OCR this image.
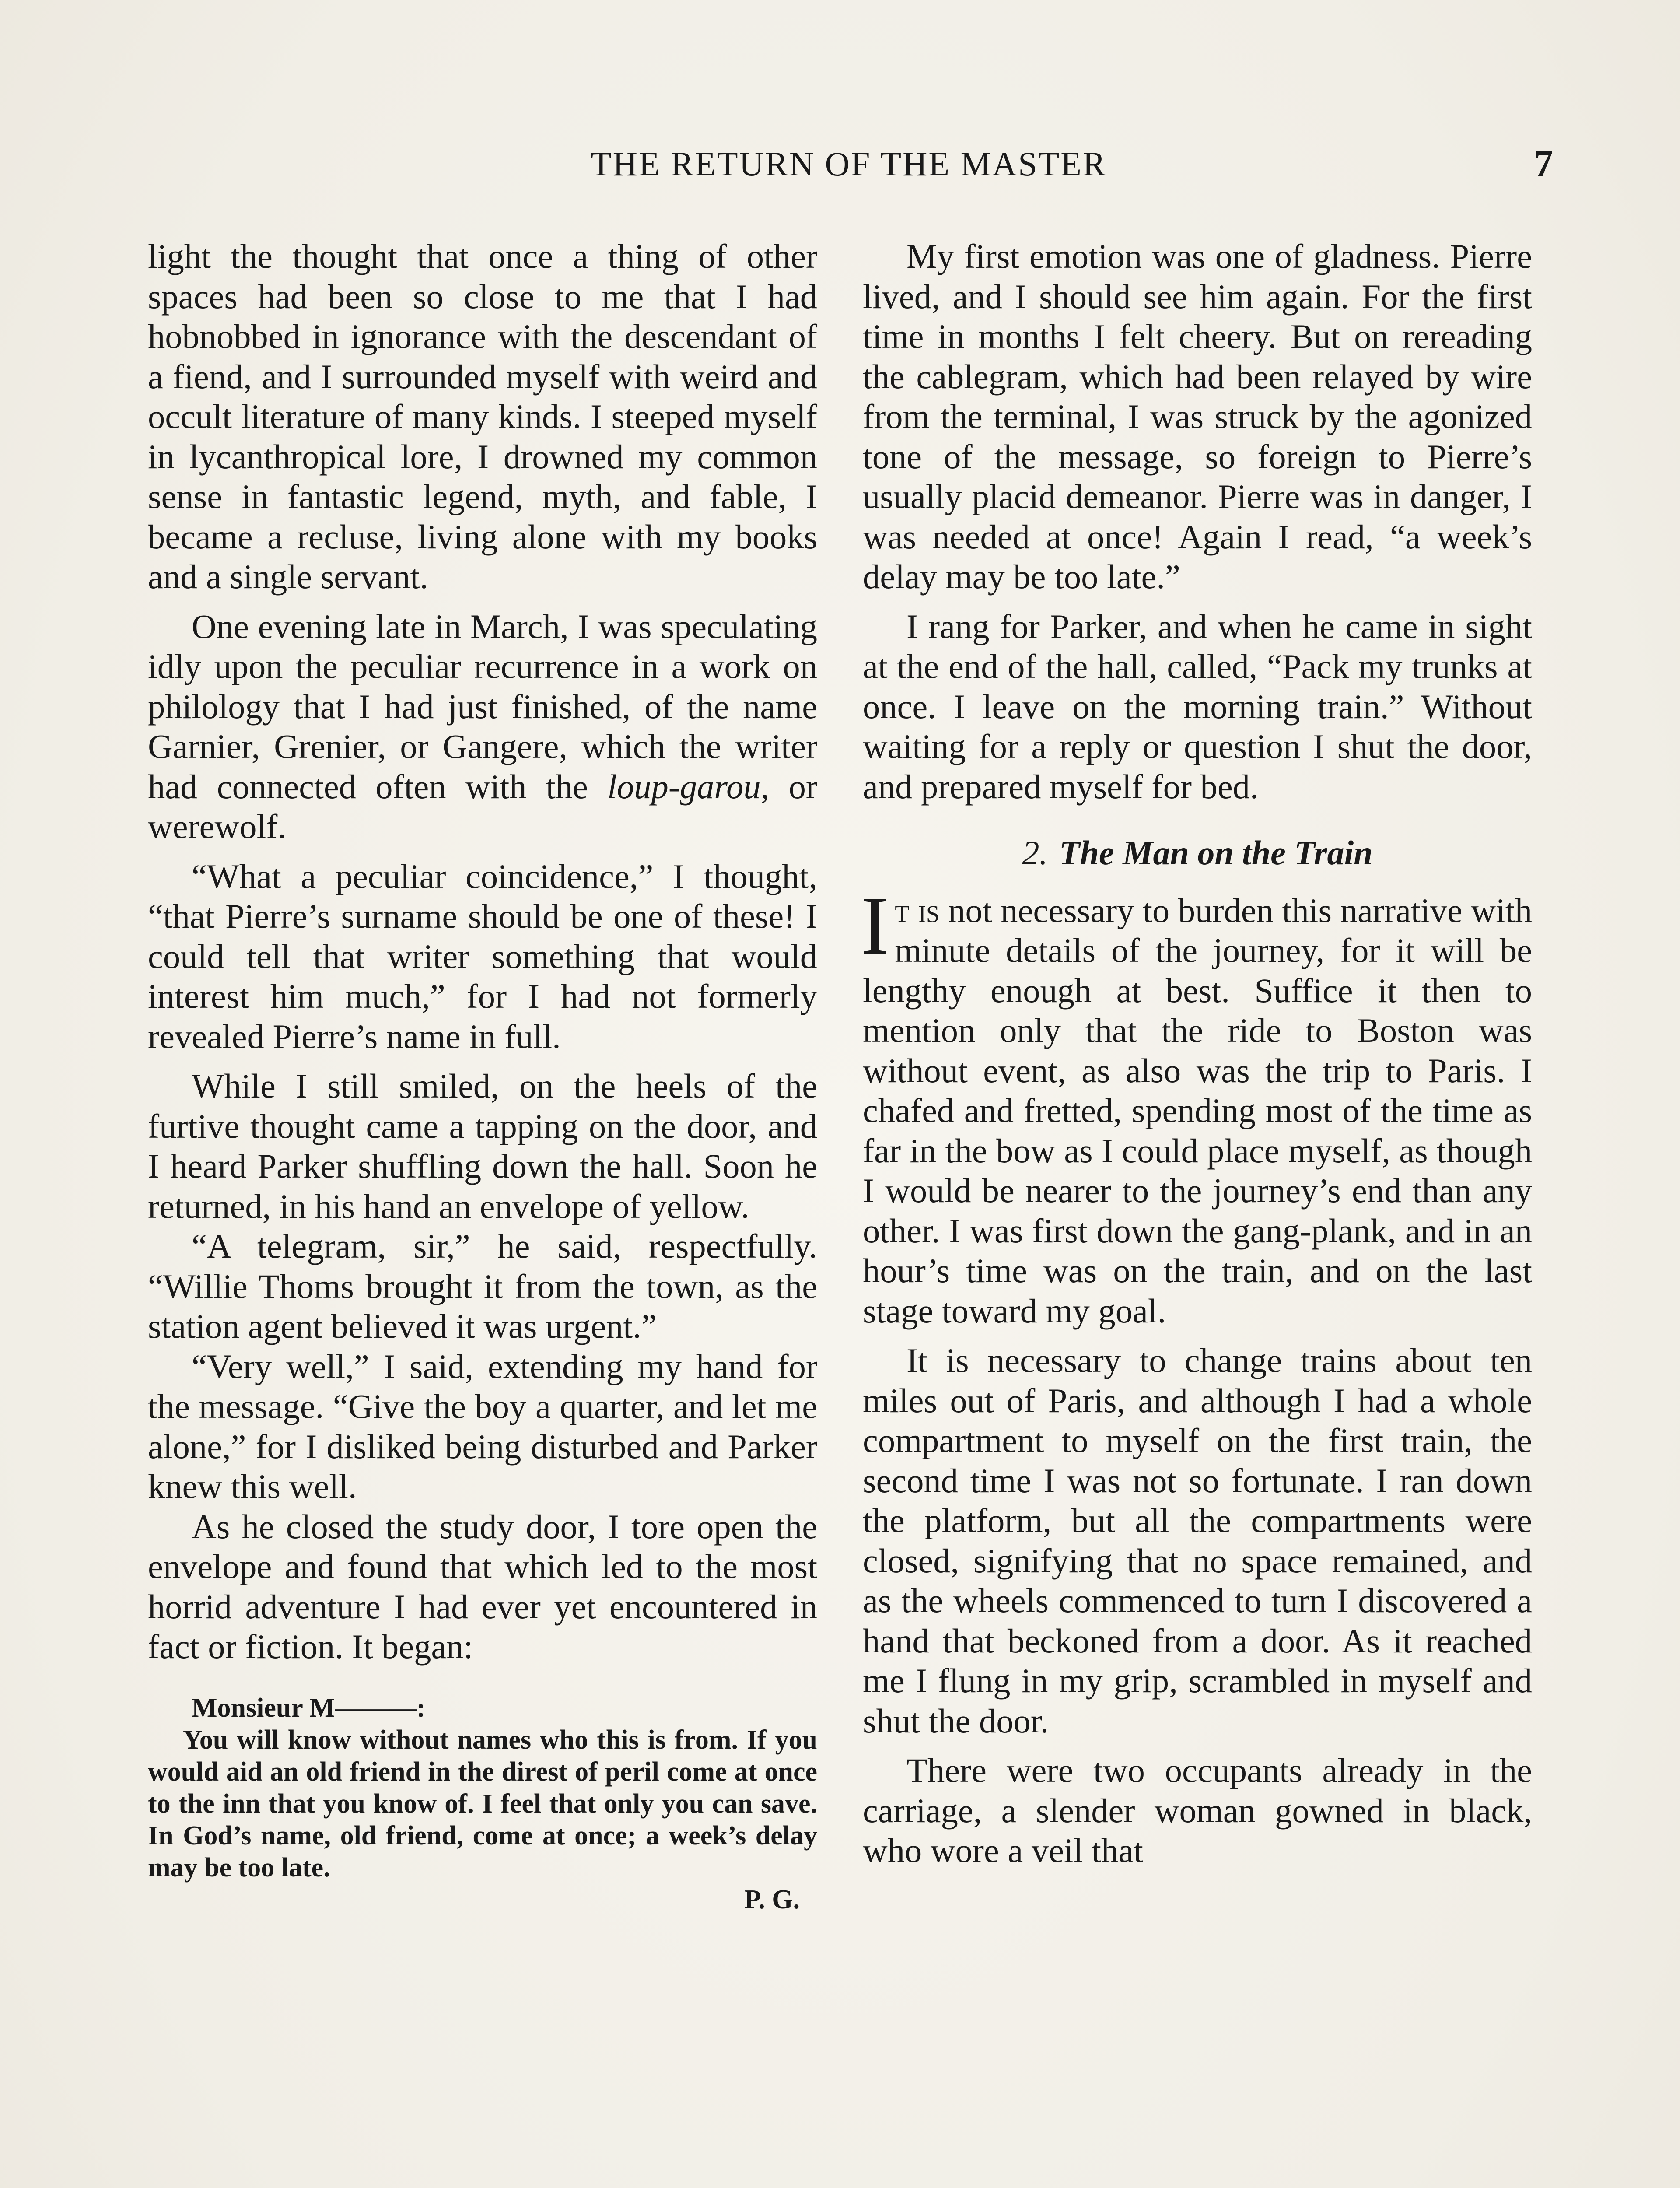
THE RETURN OF THE MASTER	7

light the thought that once a thing of other spaces had been so close to me that I had hobnobbed in ignorance with the descendant of a fiend, and I surrounded myself with weird and occult literature of many kinds. I steeped myself in lycanthropical lore, I drowned my common sense in fantastic legend, myth, and fable, I became a recluse, living alone with my books and a single servant.

One evening late in March, I was speculating idly upon the peculiar recurrence in a work on philology that I had just finished, of the name Garnier, Grenier, or Gangere, which the writer had connected often with the loup-garou, or werewolf.

“What a peculiar coincidence,” I thought, “that Pierre’s surname should be one of these! I could tell that writer something that would interest him much,” for I had not formerly revealed Pierre’s name in full.

While I still smiled, on the heels of the furtive thought came a tapping on the door, and I heard Parker shuffling down the hall. Soon he returned, in his hand an envelope of yellow.

“A telegram, sir,” he said, respectfully. “Willie Thoms brought it from the town, as the station agent believed it was urgent.”

“Very well,” I said, extending my hand for the message. “Give the boy a quarter, and let me alone,” for I disliked being disturbed and Parker knew this well.

As he closed the study door, I tore open the envelope and found that which led to the most horrid adventure I had ever yet encountered in fact or fiction. It began:

Monsieur M———:

You will know without names who this is from. If you would aid an old friend in the direst of peril come at once to the inn that you know of. I feel that only you can save. In God’s name, old friend, come at once; a week’s delay may be too late.

P. G.

My first emotion was one of gladness. Pierre lived, and I should see him again. For the first time in months I felt cheery. But on rereading the cablegram, which had been relayed by wire from the terminal, I was struck by the agonized tone of the message, so foreign to Pierre’s usually placid demeanor. Pierre was in danger, I was needed at once! Again I read, “a week’s delay may be too late.”

I rang for Parker, and when he came in sight at the end of the hall, called, “Pack my trunks at once. I leave on the morning train.” Without waiting for a reply or question I shut the door, and prepared myself for bed.

2. The Man on the Train

It is not necessary to burden this narrative with minute details of the journey, for it will be lengthy enough at best. Suffice it then to mention only that the ride to Boston was without event, as also was the trip to Paris. I chafed and fretted, spending most of the time as far in the bow as I could place myself, as though I would be nearer to the journey’s end than any other. I was first down the gang-plank, and in an hour’s time was on the train, and on the last stage toward my goal.

It is necessary to change trains about ten miles out of Paris, and although I had a whole compartment to myself on the first train, the second time I was not so fortunate. I ran down the platform, but all the compartments were closed, signifying that no space remained, and as the wheels commenced to turn I discovered a hand that beckoned from a door. As it reached me I flung in my grip, scrambled in myself and shut the door.

There were two occupants already in the carriage, a slender woman gowned in black, who wore a veil that
